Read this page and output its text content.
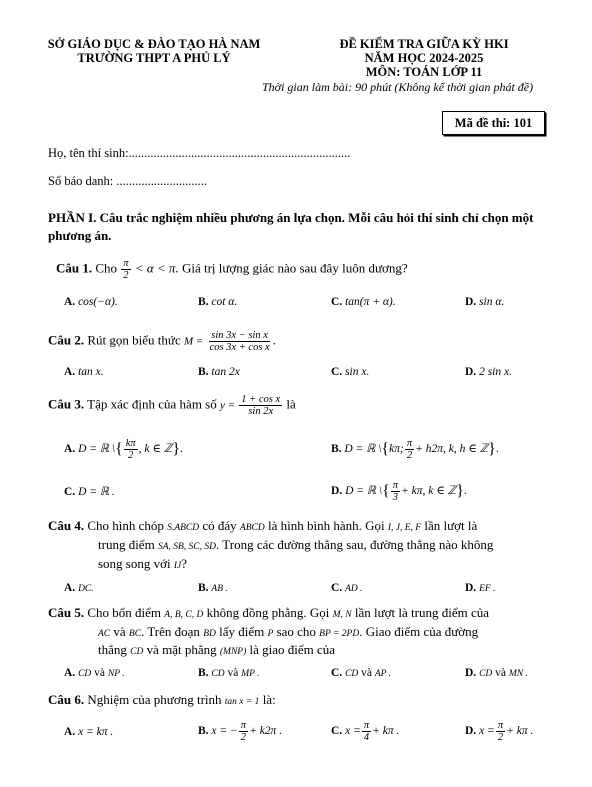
SỞ GIÁO DỤC & ĐÀO TẠO HÀ NAM
TRƯỜNG THPT A PHỦ LÝ
ĐỀ KIỂM TRA GIỮA KỲ HKI
NĂM HỌC 2024-2025
MÔN: TOÁN LỚP 11
Thời gian làm bài: 90 phút (Không kể thời gian phát đề)
Mã đề thi: 101
Họ, tên thí sinh:.......................................................................
Số báo danh: .............................
PHẦN I. Câu trắc nghiệm nhiều phương án lựa chọn. Mỗi câu hỏi thí sinh chỉ chọn một
phương án.
Câu 1. Cho $\frac{\pi}{2} < \alpha < \pi$. Giá trị lượng giác nào sau đây luôn dương?
A. cos(−α).	B. cot α.	C. tan(π + α).	D. sin α.
Câu 2. Rút gọn biểu thức $M = \frac{\text{sin 3x − sin x}}{\text{cos 3x + cos x}}$ .
A. tan x.	B. tan 2x	C. sin x.	D. 2 sin x.
Câu 3. Tập xác định của hàm số $y = \frac{\text{1 + cos x}}{\sin 2x}$ là
A. D = ℝ \{ $\frac{k\pi}{2}$ , k ∈ ℤ}.	B. D = ℝ \{kπ; $\frac{\pi}{2} + h2\pi$, k, h ∈ ℤ}.
C. D = ℝ .	D. D = ℝ \{ $\frac{\pi}{3} + k\pi$, k ∈ ℤ}.
Câu 4. Cho hình chóp S.ABCD có đáy ABCD là hình bình hành. Gọi I, J, E, F lần lượt là
trung điểm SA, SB, SC, SD. Trong các đường thẳng sau, đường thẳng nào không
song song với IJ?
A. DC.	B. AB .	C. AD .	D. EF .
Câu 5. Cho bốn điểm A, B, C, D không đồng phẳng. Gọi M, N lần lượt là trung điểm của
AC và BC. Trên đoạn BD lấy điểm P sao cho BP = 2PD. Giao điểm của đường
thẳng CD và mặt phẳng (MNP) là giao điểm của
A. CD và NP .	B. CD và MP .	C. CD và AP .	D. CD và MN .
Câu 6. Nghiệm của phương trình tan x = 1 là:
A. x = kπ .	B. x = − $\frac{\pi}{2} + k2\pi$ .	C. $x = \frac{\pi}{4} + k\pi$ .	D. $x = \frac{\pi}{2} + k\pi$ .
